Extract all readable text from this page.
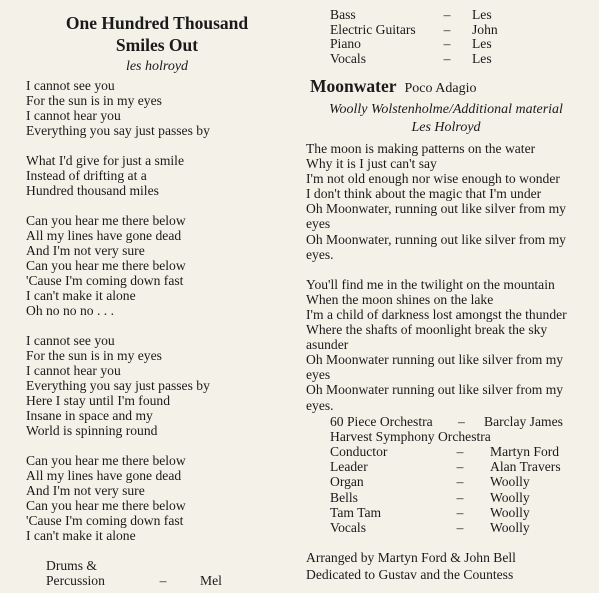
One Hundred Thousand
Smiles Out
les holroyd
I cannot see you
For the sun is in my eyes
I cannot hear you
Everything you say just passes by
What I'd give for just a smile
Instead of drifting at a
Hundred thousand miles
Can you hear me there below
All my lines have gone dead
And I'm not very sure
Can you hear me there below
'Cause I'm coming down fast
I can't make it alone
Oh no no no . . .
I cannot see you
For the sun is in my eyes
I cannot hear you
Everything you say just passes by
Here I stay until I'm found
Insane in space and my
World is spinning round
Can you hear me there below
All my lines have gone dead
And I'm not very sure
Can you hear me there below
'Cause I'm coming down fast
I can't make it alone
Drums &
Percussion	–	Mel
Bass	–	Les
Electric Guitars	–	John
Piano	–	Les
Vocals	–	Les
Moonwater Poco Adagio
Woolly Wolstenholme/Additional material
Les Holroyd
The moon is making patterns on the water
Why it is I just can't say
I'm not old enough nor wise enough to wonder
I don't think about the magic that I'm under
Oh Moonwater, running out like silver from my
eyes
Oh Moonwater, running out like silver from my
eyes.
You'll find me in the twilight on the mountain
When the moon shines on the lake
I'm a child of darkness lost amongst the thunder
Where the shafts of moonlight break the sky
asunder
Oh Moonwater running out like silver from my
eyes
Oh Moonwater running out like silver from my
eyes.
60 Piece Orchestra	–	Barclay James
Harvest Symphony Orchestra
Conductor	–	Martyn Ford
Leader	–	Alan Travers
Organ	–	Woolly
Bells	–	Woolly
Tam Tam	–	Woolly
Vocals	–	Woolly
Arranged by Martyn Ford & John Bell
Dedicated to Gustav and the Countess
